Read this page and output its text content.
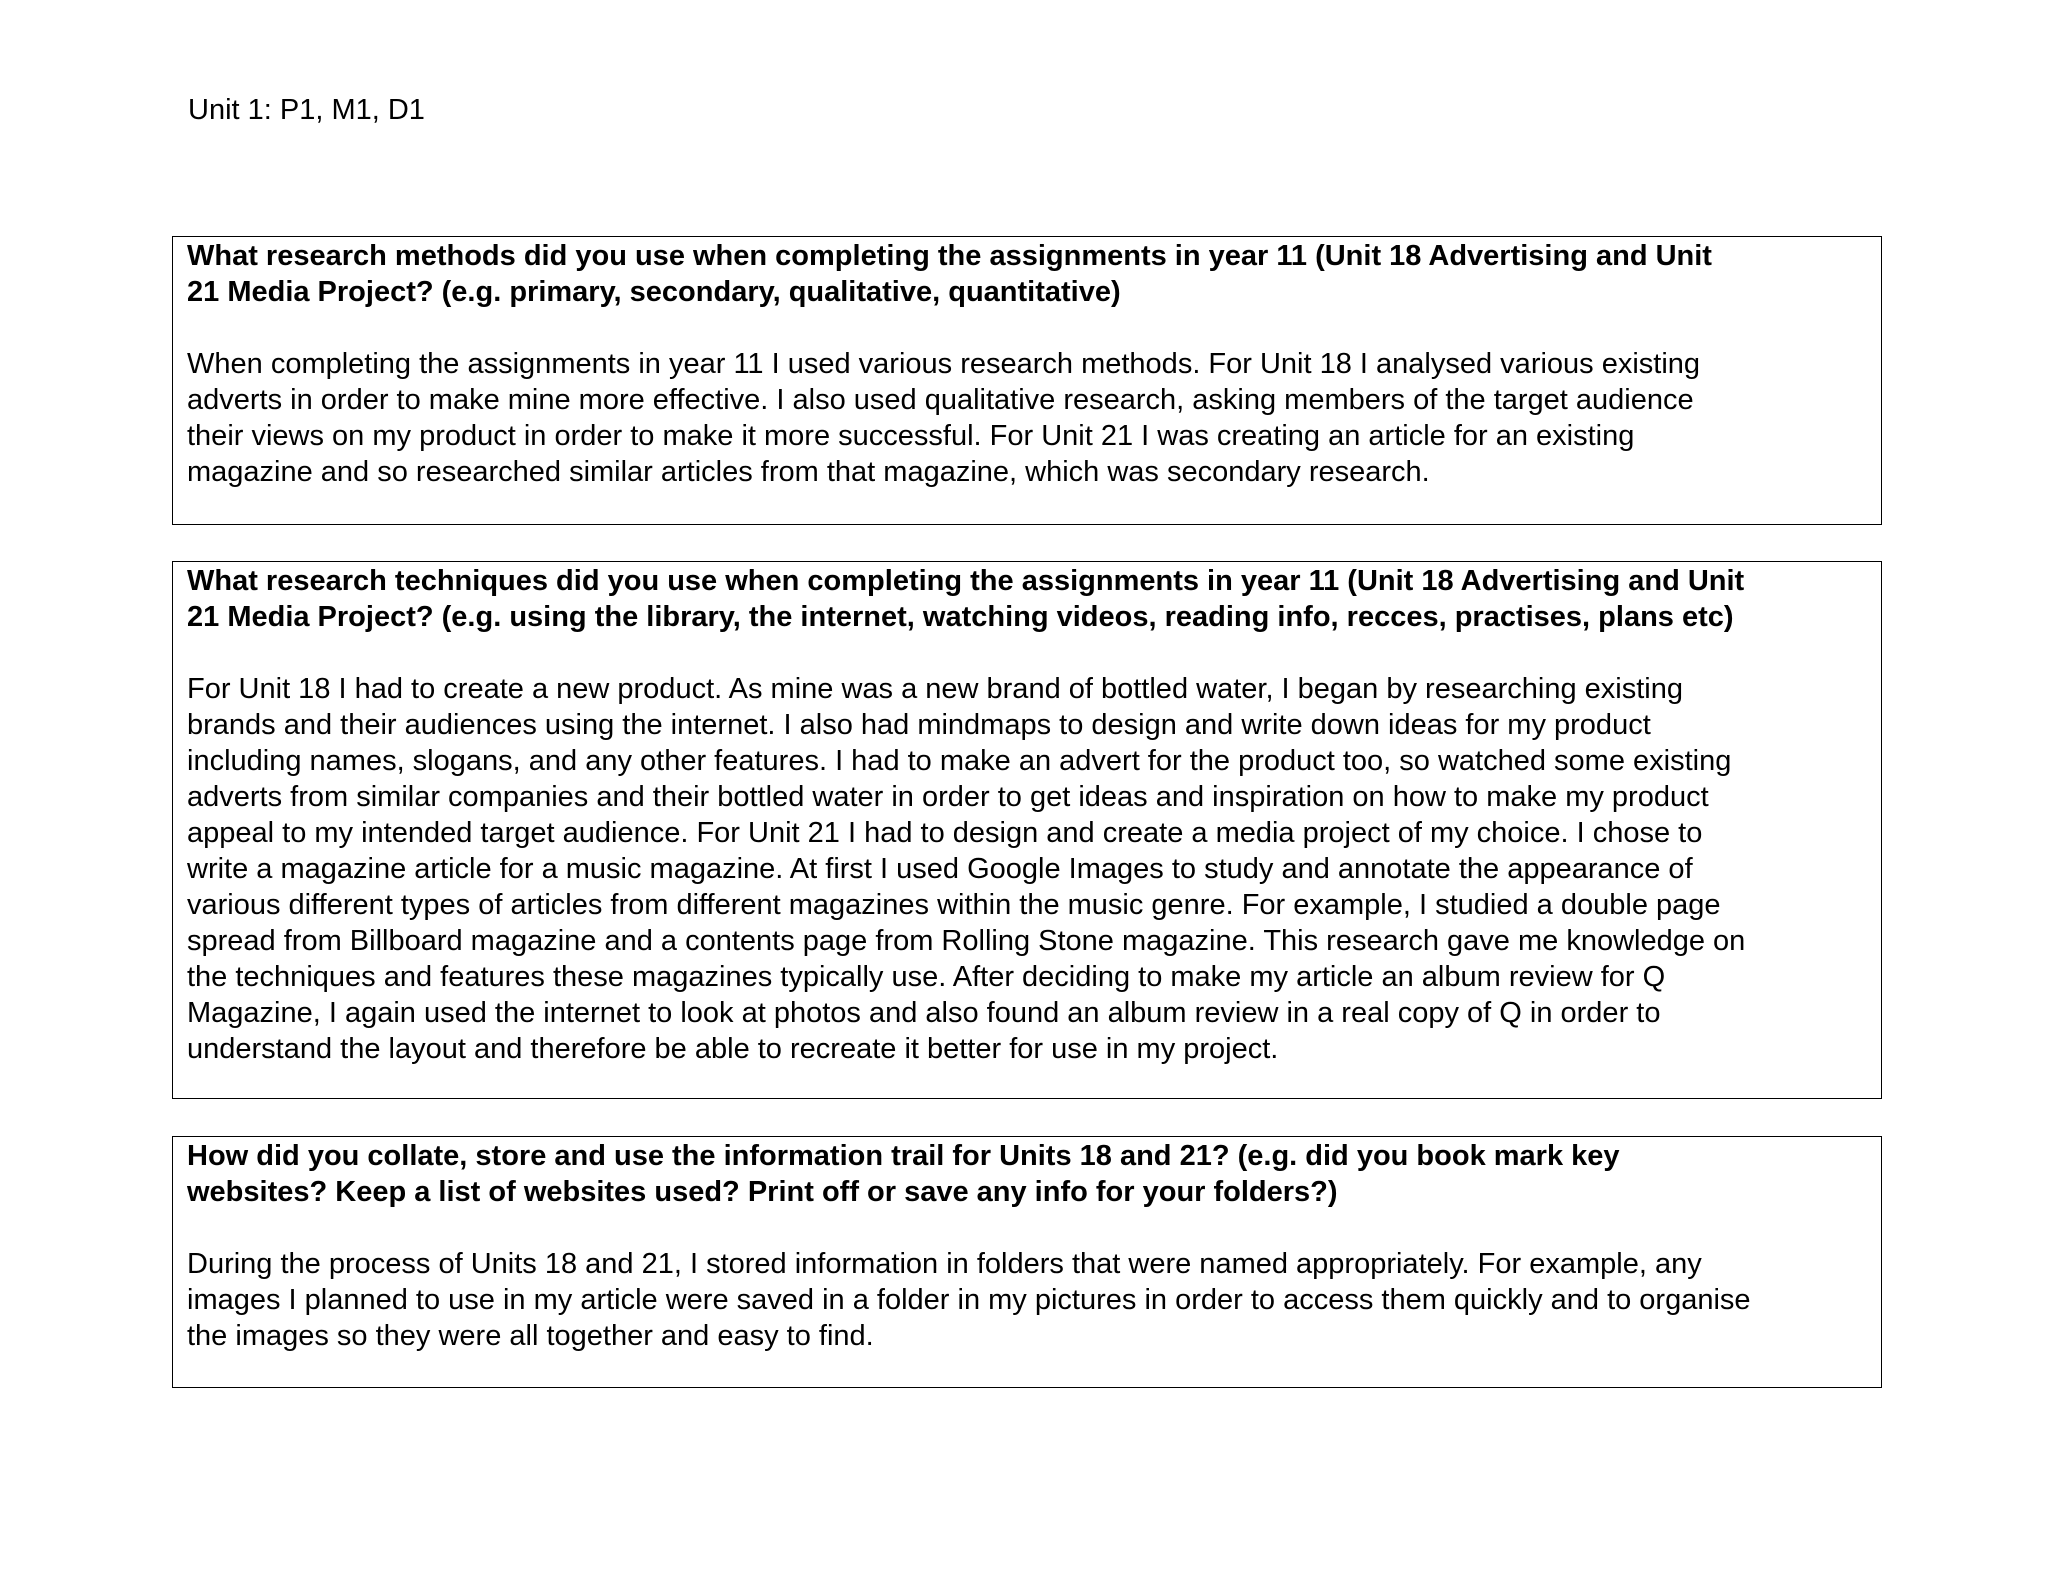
Unit 1: P1, M1, D1

What research methods did you use when completing the assignments in year 11 (Unit 18 Advertising and Unit
21 Media Project? (e.g. primary, secondary, qualitative, quantitative)

When completing the assignments in year 11 I used various research methods. For Unit 18 I analysed various existing
adverts in order to make mine more effective. I also used qualitative research, asking members of the target audience
their views on my product in order to make it more successful. For Unit 21 I was creating an article for an existing
magazine and so researched similar articles from that magazine, which was secondary research.

What research techniques did you use when completing the assignments in year 11 (Unit 18 Advertising and Unit
21 Media Project? (e.g. using the library, the internet, watching videos, reading info, recces, practises, plans etc)

For Unit 18 I had to create a new product. As mine was a new brand of bottled water, I began by researching existing
brands and their audiences using the internet. I also had mindmaps to design and write down ideas for my product
including names, slogans, and any other features. I had to make an advert for the product too, so watched some existing
adverts from similar companies and their bottled water in order to get ideas and inspiration on how to make my product
appeal to my intended target audience. For Unit 21 I had to design and create a media project of my choice. I chose to
write a magazine article for a music magazine. At first I used Google Images to study and annotate the appearance of
various different types of articles from different magazines within the music genre. For example, I studied a double page
spread from Billboard magazine and a contents page from Rolling Stone magazine. This research gave me knowledge on
the techniques and features these magazines typically use. After deciding to make my article an album review for Q
Magazine, I again used the internet to look at photos and also found an album review in a real copy of Q in order to
understand the layout and therefore be able to recreate it better for use in my project.

How did you collate, store and use the information trail for Units 18 and 21? (e.g. did you book mark key
websites? Keep a list of websites used? Print off or save any info for your folders?)

During the process of Units 18 and 21, I stored information in folders that were named appropriately. For example, any
images I planned to use in my article were saved in a folder in my pictures in order to access them quickly and to organise
the images so they were all together and easy to find.
